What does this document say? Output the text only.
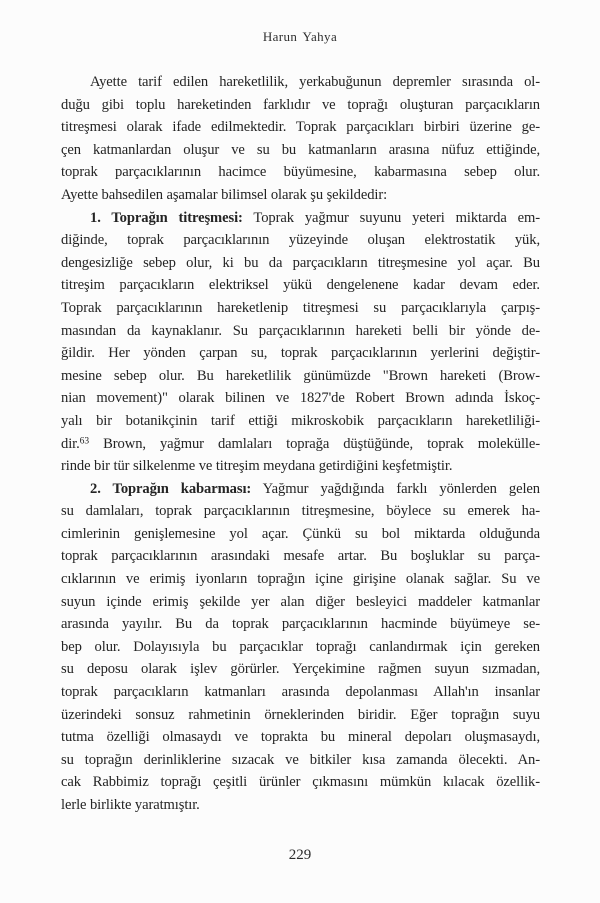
Harun Yahya
Ayette tarif edilen hareketlilik, yerkabuğunun depremler sırasında ol-
duğu gibi toplu hareketinden farklıdır ve toprağı oluşturan parçacıkların
titreşmesi olarak ifade edilmektedir. Toprak parçacıkları birbiri üzerine ge-
çen katmanlardan oluşur ve su bu katmanların arasına nüfuz ettiğinde,
toprak parçacıklarının hacimce büyümesine, kabarmasına sebep olur.
Ayette bahsedilen aşamalar bilimsel olarak şu şekildedir:
1. Toprağın titreşmesi: Toprak yağmur suyunu yeteri miktarda em-
diğinde, toprak parçacıklarının yüzeyinde oluşan elektrostatik yük,
dengesizliğe sebep olur, ki bu da parçacıkların titreşmesine yol açar. Bu
titreşim parçacıkların elektriksel yükü dengelenene kadar devam eder.
Toprak parçacıklarının hareketlenip titreşmesi su parçacıklarıyla çarpış-
masından da kaynaklanır. Su parçacıklarının hareketi belli bir yönde de-
ğildir. Her yönden çarpan su, toprak parçacıklarının yerlerini değiştir-
mesine sebep olur. Bu hareketlilik günümüzde "Brown hareketi (Brow-
nian movement)" olarak bilinen ve 1827'de Robert Brown adında İskoç-
yalı bir botanikçinin tarif ettiği mikroskobik parçacıkların hareketliliği-
dir.$^{63}$ Brown, yağmur damlaları toprağa düştüğünde, toprak molekülle-
rinde bir tür silkelenme ve titreşim meydana getirdiğini keşfetmiştir.
2. Toprağın kabarması: Yağmur yağdığında farklı yönlerden gelen
su damlaları, toprak parçacıklarının titreşmesine, böylece su emerek ha-
cimlerinin genişlemesine yol açar. Çünkü su bol miktarda olduğunda
toprak parçacıklarının arasındaki mesafe artar. Bu boşluklar su parça-
cıklarının ve erimiş iyonların toprağın içine girişine olanak sağlar. Su ve
suyun içinde erimiş şekilde yer alan diğer besleyici maddeler katmanlar
arasında yayılır. Bu da toprak parçacıklarının hacminde büyümeye se-
bep olur. Dolayısıyla bu parçacıklar toprağı canlandırmak için gereken
su deposu olarak işlev görürler. Yerçekimine rağmen suyun sızmadan,
toprak parçacıkların katmanları arasında depolanması Allah'ın insanlar
üzerindeki sonsuz rahmetinin örneklerinden biridir. Eğer toprağın suyu
tutma özelliği olmasaydı ve toprakta bu mineral depoları oluşmasaydı,
su toprağın derinliklerine sızacak ve bitkiler kısa zamanda ölecekti. An-
cak Rabbimiz toprağı çeşitli ürünler çıkmasını mümkün kılacak özellik-
lerle birlikte yaratmıştır.
229
